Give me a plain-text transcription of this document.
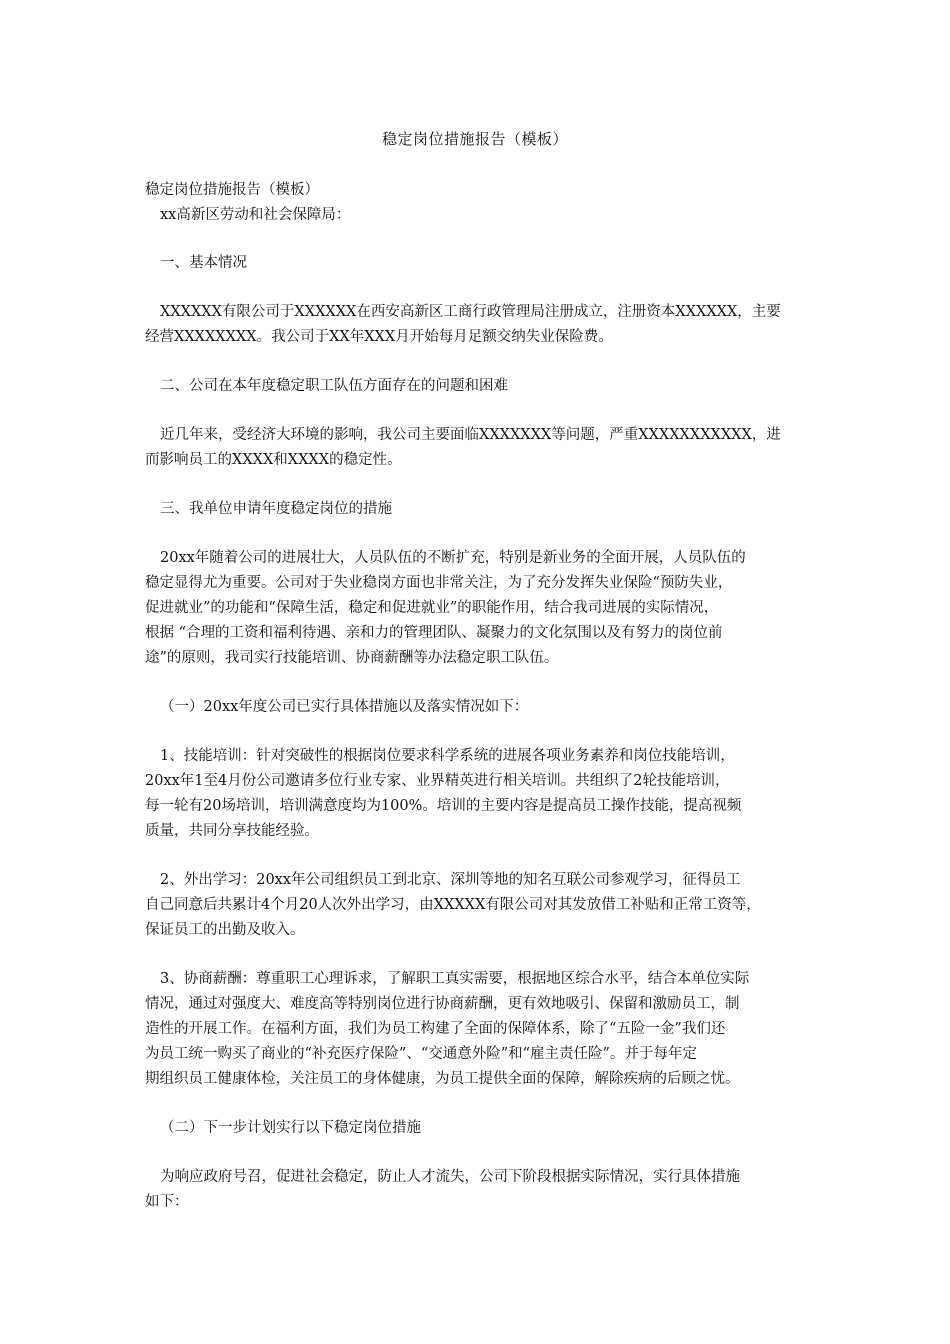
稳定岗位措施报告（模板）
稳定岗位措施报告（模板）
xx高新区劳动和社会保障局：
一、基本情况
XXXXXX有限公司于XXXXXX在西安高新区工商行政管理局注册成立，注册资本XXXXXX，主要
经营XXXXXXXX。我公司于XX年XXX月开始每月足额交纳失业保险费。
二、公司在本年度稳定职工队伍方面存在的问题和困难
近几年来，受经济大环境的影响，我公司主要面临XXXXXXX等问题，严重XXXXXXXXXXX，进
而影响员工的XXXX和XXXX的稳定性。
三、我单位申请年度稳定岗位的措施
20xx年随着公司的进展壮大，人员队伍的不断扩充，特别是新业务的全面开展，人员队伍的
稳定显得尤为重要。公司对于失业稳岗方面也非常关注，为了充分发挥失业保险“预防失业，
促进就业”的功能和“保障生活，稳定和促进就业”的职能作用，结合我司进展的实际情况，
根据 “合理的工资和福利待遇、亲和力的管理团队、凝聚力的文化氛围以及有努力的岗位前
途”的原则，我司实行技能培训、协商薪酬等办法稳定职工队伍。
（一）20xx年度公司已实行具体措施以及落实情况如下：
1、技能培训：针对突破性的根据岗位要求科学系统的进展各项业务素养和岗位技能培训，
20xx年1至4月份公司邀请多位行业专家、业界精英进行相关培训。共组织了2轮技能培训，
每一轮有20场培训，培训满意度均为100%。培训的主要内容是提高员工操作技能，提高视频
质量，共同分享技能经验。
2、外出学习：20xx年公司组织员工到北京、深圳等地的知名互联公司参观学习，征得员工
自己同意后共累计4个月20人次外出学习，由XXXXX有限公司对其发放借工补贴和正常工资等，
保证员工的出勤及收入。
3、协商薪酬：尊重职工心理诉求，了解职工真实需要，根据地区综合水平，结合本单位实际
情况，通过对强度大、难度高等特别岗位进行协商薪酬，更有效地吸引、保留和激励员工，制
造性的开展工作。在福利方面，我们为员工构建了全面的保障体系，除了“五险一金”我们还
为员工统一购买了商业的“补充医疗保险”、“交通意外险”和“雇主责任险”。并于每年定
期组织员工健康体检，关注员工的身体健康，为员工提供全面的保障，解除疾病的后顾之忧。
（二）下一步计划实行以下稳定岗位措施
为响应政府号召，促进社会稳定，防止人才流失，公司下阶段根据实际情况，实行具体措施
如下：
